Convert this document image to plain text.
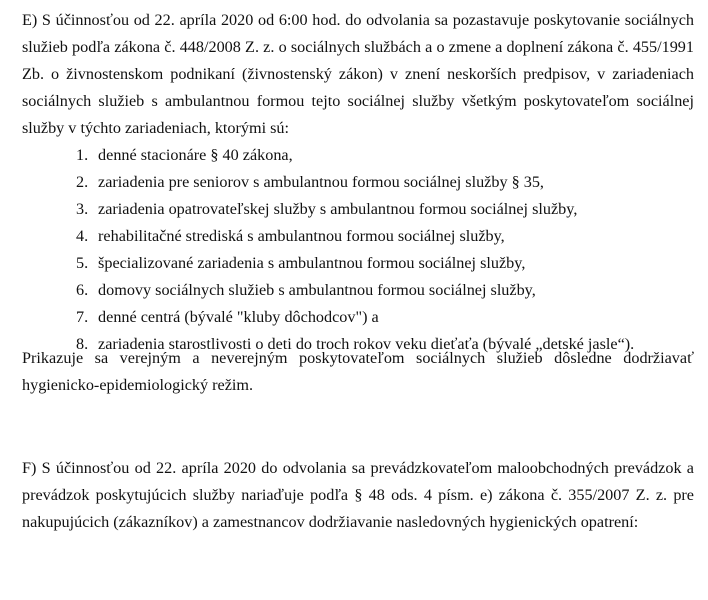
E) S účinnosťou od 22. apríla 2020 od 6:00 hod. do odvolania sa pozastavuje poskytovanie sociálnych služieb podľa zákona č. 448/2008 Z. z. o sociálnych službách a o zmene a doplnení zákona č. 455/1991 Zb. o živnostenskom podnikaní (živnostenský zákon) v znení neskorších predpisov, v zariadeniach sociálnych služieb s ambulantnou formou tejto sociálnej služby všetkým poskytovateľom sociálnej služby v týchto zariadeniach, ktorými sú:

1. denné stacionáre § 40 zákona,
2. zariadenia pre seniorov s ambulantnou formou sociálnej služby § 35,
3. zariadenia opatrovateľskej služby s ambulantnou formou sociálnej služby,
4. rehabilitačné strediská s ambulantnou formou sociálnej služby,
5. špecializované zariadenia s ambulantnou formou sociálnej služby,
6. domovy sociálnych služieb s ambulantnou formou sociálnej služby,
7. denné centrá (bývalé "kluby dôchodcov") a
8. zariadenia starostlivosti o deti do troch rokov veku dieťaťa (bývalé „detské jasle“).

Prikazuje sa verejným a neverejným poskytovateľom sociálnych služieb dôsledne dodržiavať hygienicko-epidemiologický režim.

F) S účinnosťou od 22. apríla 2020 do odvolania sa prevádzkovateľom maloobchodných prevádzok a prevádzok poskytujúcich služby nariaďuje podľa § 48 ods. 4 písm. e) zákona č. 355/2007 Z. z. pre nakupujúcich (zákazníkov) a zamestnancov dodržiavanie nasledovných hygienických opatrení:
